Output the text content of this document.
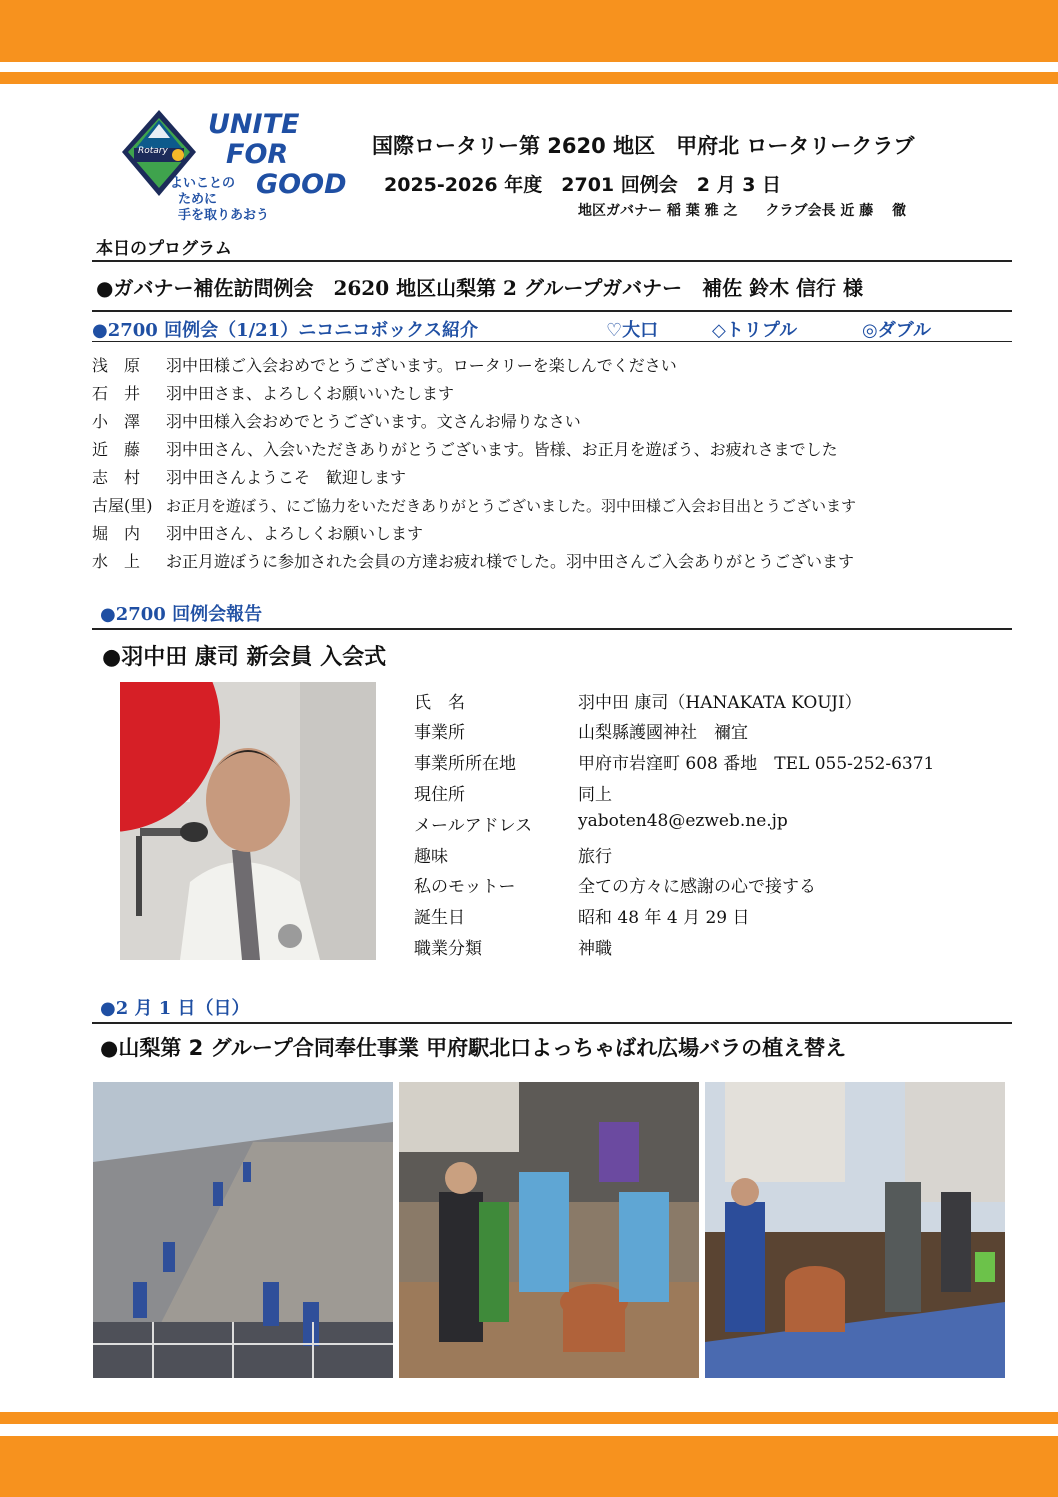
Rotary
UNITE
FOR
GOOD
よいことの
ために
手を取りあおう
国際ロータリー第 2620 地区　甲府北 ロータリークラブ
2025-2026 年度　2701 回例会　2 月 3 日
地区ガバナー 稲 葉 雅 之　　クラブ会長 近 藤　 徹
本日のプログラム
●ガバナー補佐訪問例会　2620 地区山梨第 2 グループガバナー　補佐 鈴木 信行 様
●2700 回例会（1/21）ニコニコボックス紹介	♡大口	◇トリプル	◎ダブル
浅　原 羽中田様ご入会おめでとうございます。ロータリーを楽しんでください
石　井 羽中田さま、よろしくお願いいたします
小　澤 羽中田様入会おめでとうございます。文さんお帰りなさい
近　藤 羽中田さん、入会いただきありがとうございます。皆様、お正月を遊ぼう、お疲れさまでした
志　村 羽中田さんようこそ　歓迎します
古屋(里) お正月を遊ぼう、にご協力をいただきありがとうございました。羽中田様ご入会お目出とうございます
堀　内 羽中田さん、よろしくお願いします
水　上 お正月遊ぼうに参加された会員の方達お疲れ様でした。羽中田さんご入会ありがとうございます
●2700 回例会報告
●羽中田 康司 新会員 入会式
氏　名	羽中田 康司（HANAKATA KOUJI）
事業所	山梨縣護國神社　禰宜
事業所所在地	甲府市岩窪町 608 番地　TEL 055-252-6371
現住所	同上
メールアドレス	yaboten48@ezweb.ne.jp
趣味	旅行
私のモットー	全ての方々に感謝の心で接する
誕生日	昭和 48 年 4 月 29 日
職業分類	神職
●2 月 1 日（日）
●山梨第 2 グループ合同奉仕事業 甲府駅北口よっちゃばれ広場バラの植え替え
